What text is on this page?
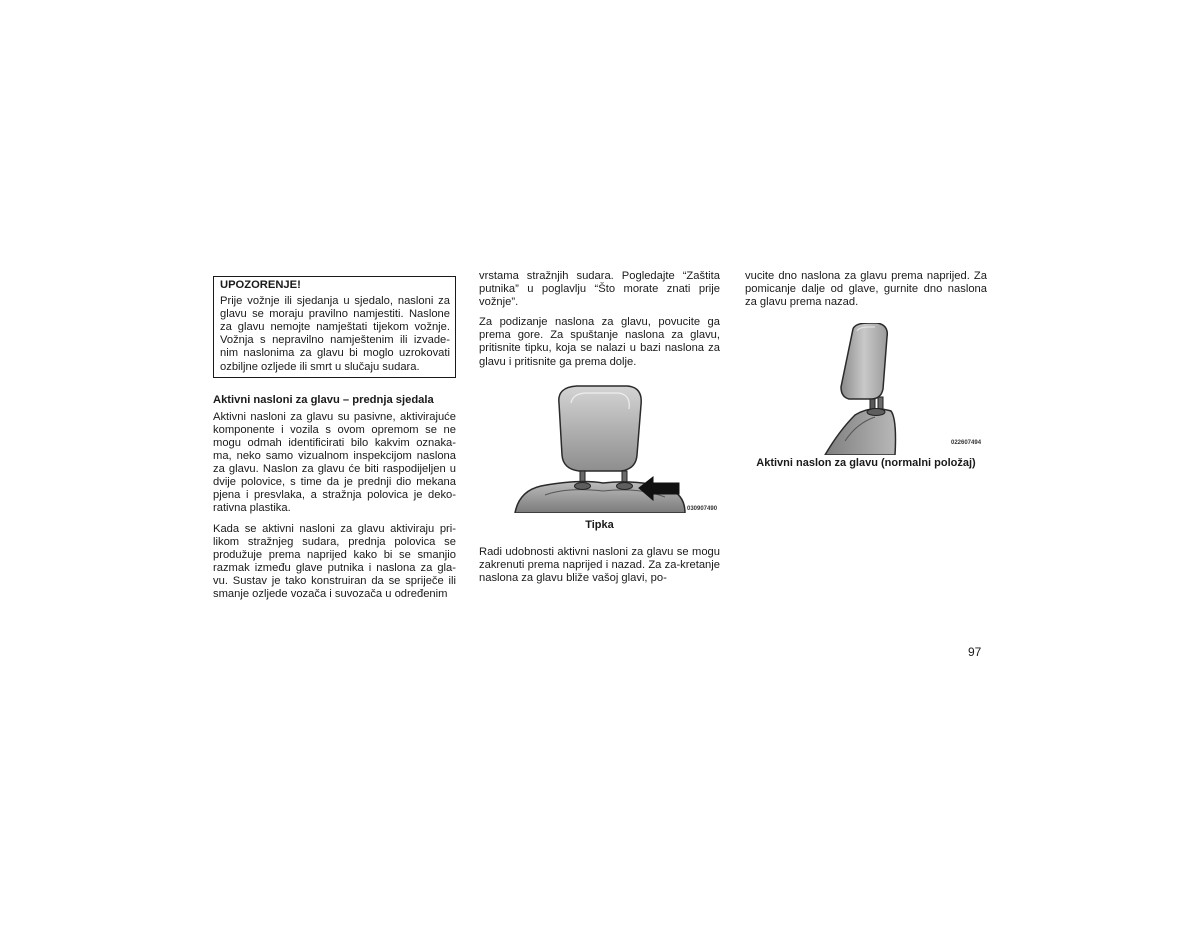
UPOZORENJE!

Prije vožnje ili sjedanja u sjedalo, nasloni za glavu se moraju pravilno namjestiti. Naslone za glavu nemojte namještati tijekom vožnje. Vožnja s nepravilno namještenim ili izvade-nim naslonima za glavu bi moglo uzrokovati ozbiljne ozljede ili smrt u slučaju sudara.

Aktivni nasloni za glavu – prednja sjedala

Aktivni nasloni za glavu su pasivne, aktivirajuće komponente i vozila s ovom opremom se ne mogu odmah identificirati bilo kakvim oznaka-ma, neko samo vizualnom inspekcijom naslona za glavu. Naslon za glavu će biti raspodijeljen u dvije polovice, s time da je prednji dio mekana pjena i presvlaka, a stražnja polovica je deko-rativna plastika.

Kada se aktivni nasloni za glavu aktiviraju pri-likom stražnjeg sudara, prednja polovica se produžuje prema naprijed kako bi se smanjio razmak između glave putnika i naslona za gla-vu. Sustav je tako konstruiran da se spriječe ili smanje ozljede vozača i suvozača u određenim

vrstama stražnjih sudara. Pogledajte “Zaštita putnika” u poglavlju “Što morate znati prije vožnje”.

Za podizanje naslona za glavu, povucite ga prema gore. Za spuštanje naslona za glavu, pritisnite tipku, koja se nalazi u bazi naslona za glavu i pritisnite ga prema dolje.

030907490
Tipka

Radi udobnosti aktivni nasloni za glavu se mogu zakrenuti prema naprijed i nazad. Za za-kretanje naslona za glavu bliže vašoj glavi, po-

vucite dno naslona za glavu prema naprijed. Za pomicanje dalje od glave, gurnite dno naslona za glavu prema nazad.

022607494
Aktivni naslon za glavu (normalni položaj)
97
